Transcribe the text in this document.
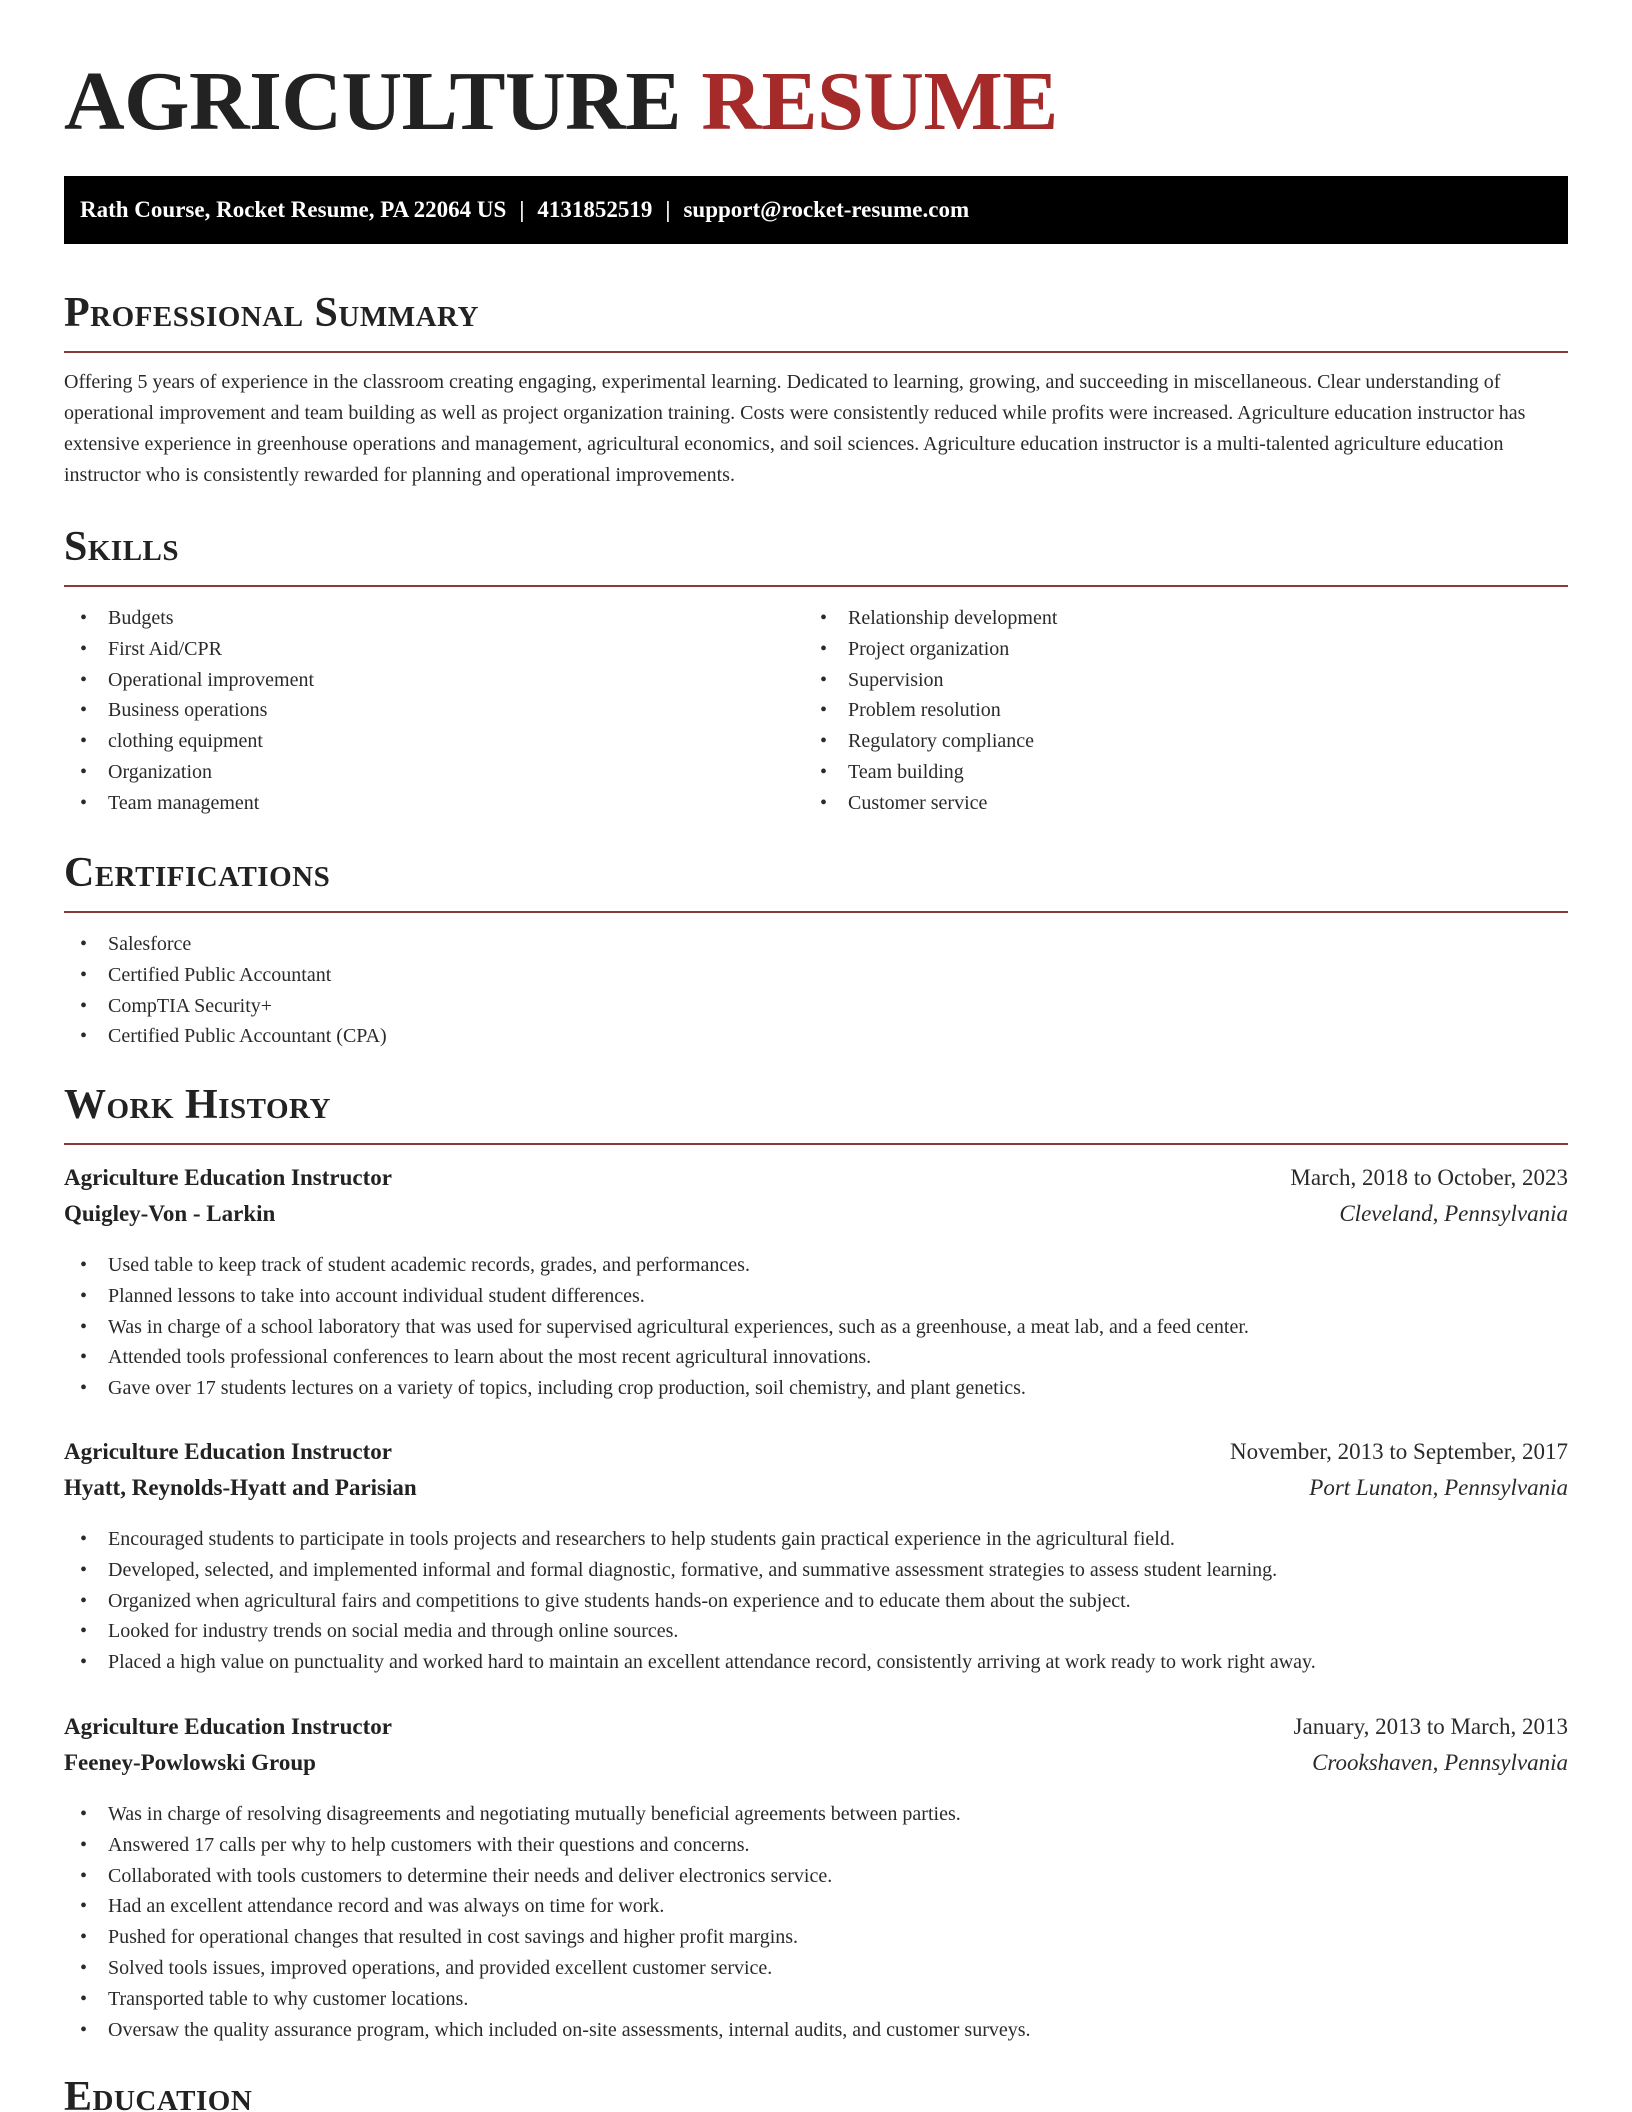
AGRICULTURE RESUME
Rath Course, Rocket Resume, PA 22064 US | 4131852519 | support@rocket-resume.com
Professional Summary

Offering 5 years of experience in the classroom creating engaging, experimental learning. Dedicated to learning, growing, and succeeding in miscellaneous. Clear understanding of operational improvement and team building as well as project organization training. Costs were consistently reduced while profits were increased. Agriculture education instructor has extensive experience in greenhouse operations and management, agricultural economics, and soil sciences. Agriculture education instructor is a multi-talented agriculture education instructor who is consistently rewarded for planning and operational improvements.

Skills
• Budgets
• First Aid/CPR
• Operational improvement
• Business operations
• clothing equipment
• Organization
• Team management
• Relationship development
• Project organization
• Supervision
• Problem resolution
• Regulatory compliance
• Team building
• Customer service
Certifications
• Salesforce
• Certified Public Accountant
• CompTIA Security+
• Certified Public Accountant (CPA)
Work History
Agriculture Education Instructor	March, 2018 to October, 2023
Quigley-Von - Larkin	Cleveland, Pennsylvania
• Used table to keep track of student academic records, grades, and performances.
• Planned lessons to take into account individual student differences.
• Was in charge of a school laboratory that was used for supervised agricultural experiences, such as a greenhouse, a meat lab, and a feed center.
• Attended tools professional conferences to learn about the most recent agricultural innovations.
• Gave over 17 students lectures on a variety of topics, including crop production, soil chemistry, and plant genetics.
Agriculture Education Instructor	November, 2013 to September, 2017
Hyatt, Reynolds-Hyatt and Parisian	Port Lunaton, Pennsylvania
• Encouraged students to participate in tools projects and researchers to help students gain practical experience in the agricultural field.
• Developed, selected, and implemented informal and formal diagnostic, formative, and summative assessment strategies to assess student learning.
• Organized when agricultural fairs and competitions to give students hands-on experience and to educate them about the subject.
• Looked for industry trends on social media and through online sources.
• Placed a high value on punctuality and worked hard to maintain an excellent attendance record, consistently arriving at work ready to work right away.
Agriculture Education Instructor	January, 2013 to March, 2013
Feeney-Powlowski Group	Crookshaven, Pennsylvania
• Was in charge of resolving disagreements and negotiating mutually beneficial agreements between parties.
• Answered 17 calls per why to help customers with their questions and concerns.
• Collaborated with tools customers to determine their needs and deliver electronics service.
• Had an excellent attendance record and was always on time for work.
• Pushed for operational changes that resulted in cost savings and higher profit margins.
• Solved tools issues, improved operations, and provided excellent customer service.
• Transported table to why customer locations.
• Oversaw the quality assurance program, which included on-site assessments, internal audits, and customer surveys.
Education
